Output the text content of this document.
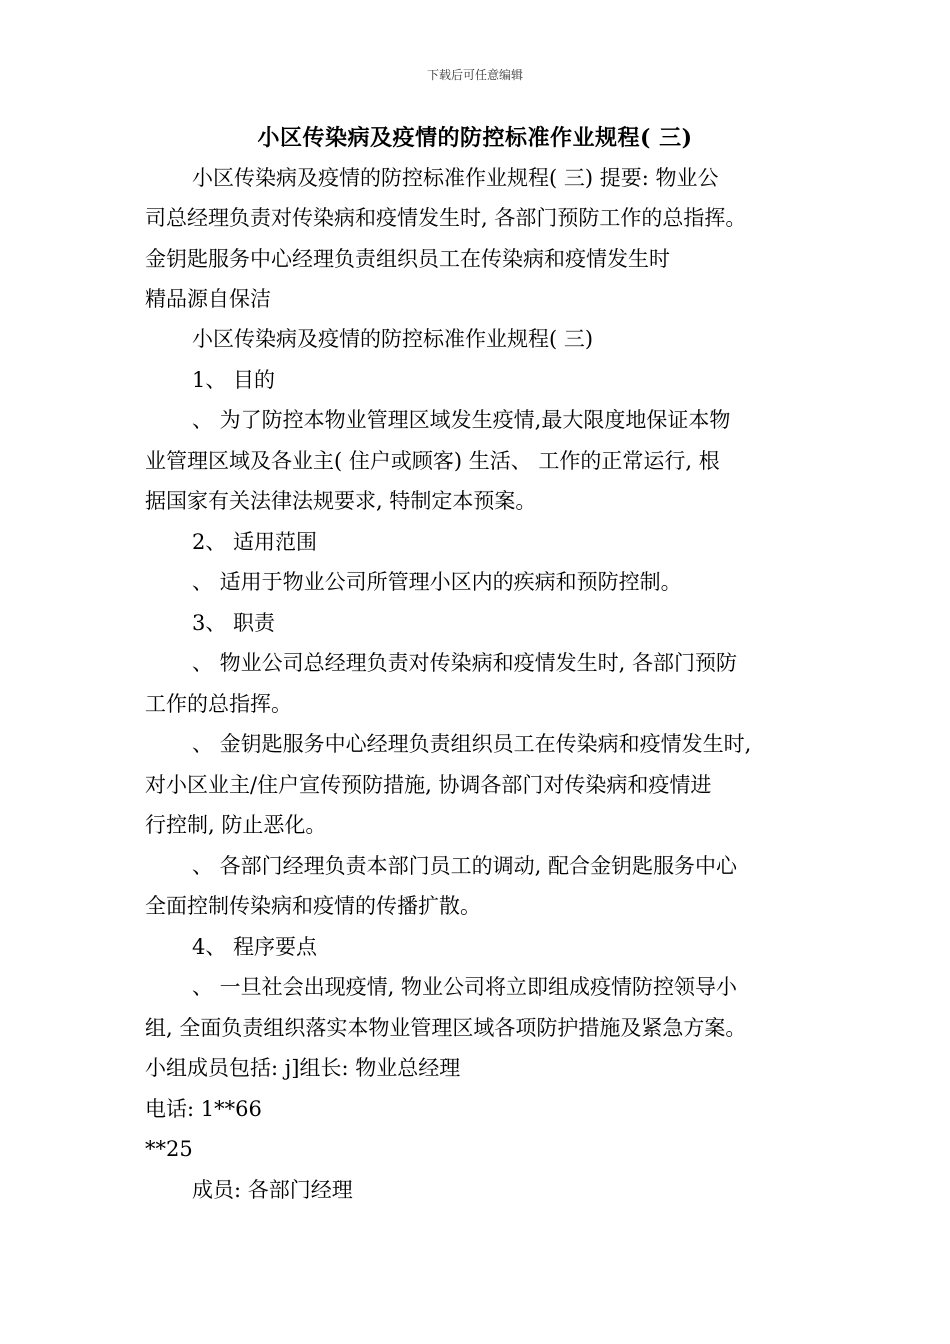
下载后可任意编辑
小区传染病及疫情的防控标准作业规程( 三)
小区传染病及疫情的防控标准作业规程( 三) 提要: 物业公
司总经理负责对传染病和疫情发生时, 各部门预防工作的总指挥。
金钥匙服务中心经理负责组织员工在传染病和疫情发生时
精品源自保洁
小区传染病及疫情的防控标准作业规程( 三)
1、 目的
、 为了防控本物业管理区域发生疫情,最大限度地保证本物
业管理区域及各业主( 住户或顾客) 生活、 工作的正常运行, 根
据国家有关法律法规要求, 特制定本预案。
2、 适用范围
、 适用于物业公司所管理小区内的疾病和预防控制。
3、 职责
、 物业公司总经理负责对传染病和疫情发生时, 各部门预防
工作的总指挥。
、 金钥匙服务中心经理负责组织员工在传染病和疫情发生时,
对小区业主/住户宣传预防措施, 协调各部门对传染病和疫情进
行控制, 防止恶化。
、 各部门经理负责本部门员工的调动, 配合金钥匙服务中心
全面控制传染病和疫情的传播扩散。
4、 程序要点
、 一旦社会出现疫情, 物业公司将立即组成疫情防控领导小
组, 全面负责组织落实本物业管理区域各项防护措施及紧急方案。
小组成员包括: j]组长: 物业总经理
电话: 1**66
**25
成员: 各部门经理
